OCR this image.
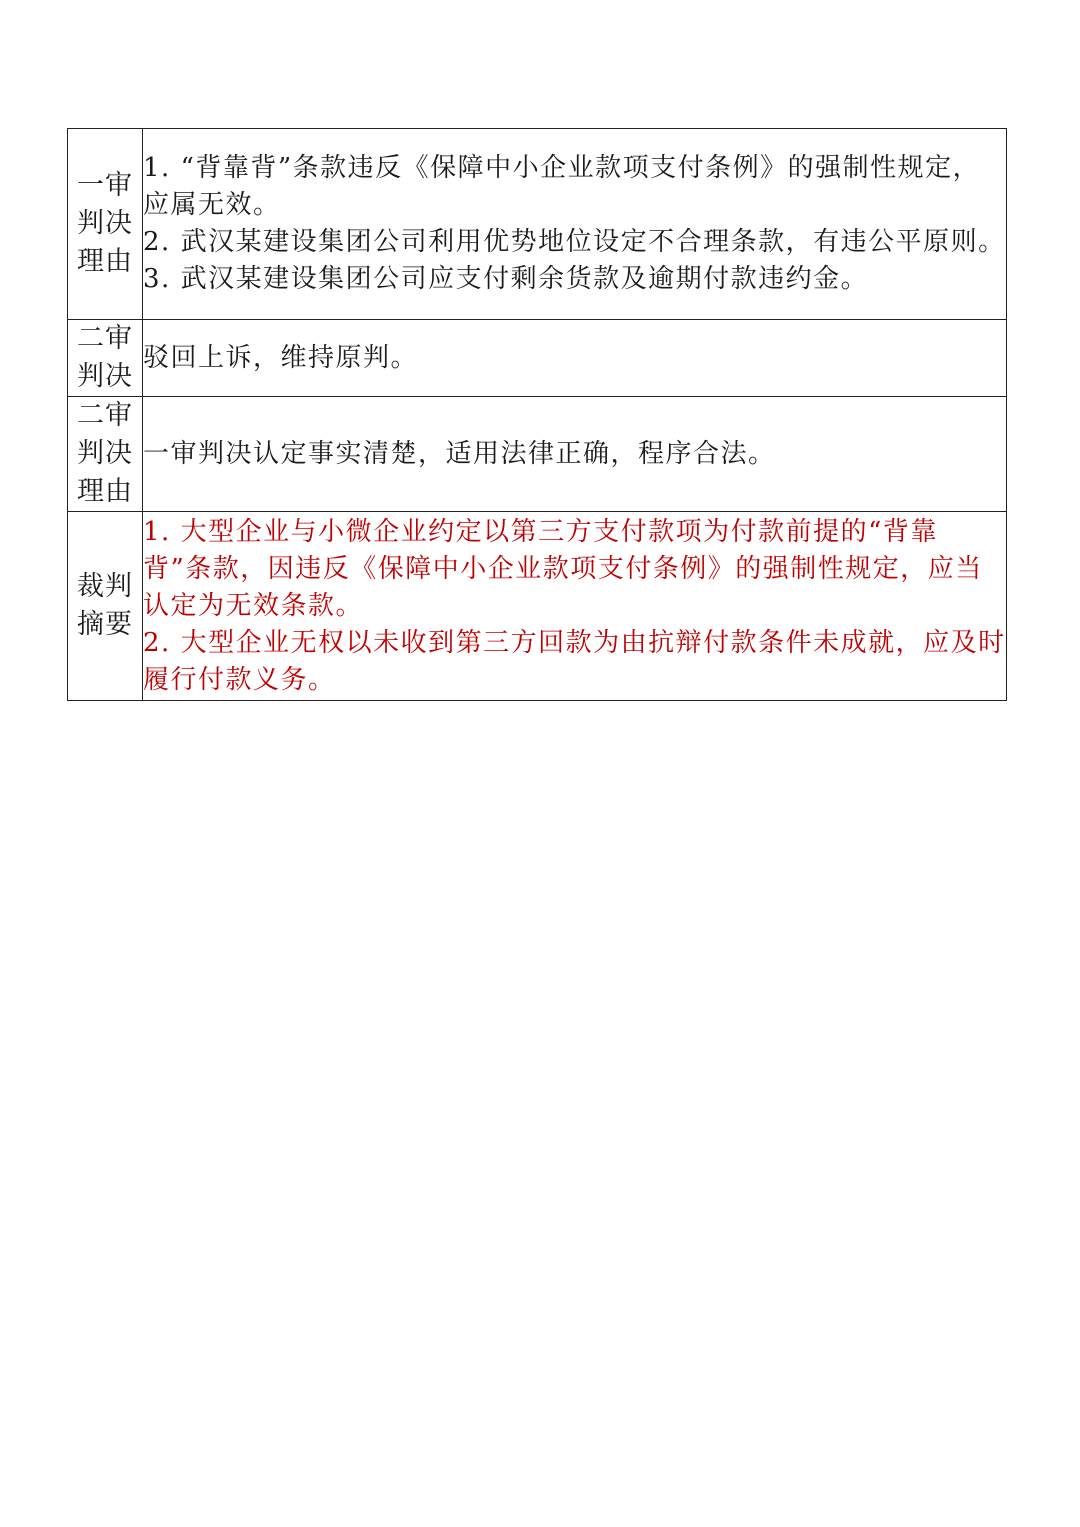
一审
判决
理由	1. “背靠背”条款违反《保障中小企业款项支付条例》的强制性规定，应属无效。
2. 武汉某建设集团公司利用优势地位设定不合理条款，有违公平原则。
3. 武汉某建设集团公司应支付剩余货款及逾期付款违约金。

二审
判决	驳回上诉，维持原判。

二审
判决
理由	一审判决认定事实清楚，适用法律正确，程序合法。

裁判
摘要	1. 大型企业与小微企业约定以第三方支付款项为付款前提的“背靠背”条款，因违反《保障中小企业款项支付条例》的强制性规定，应当认定为无效条款。
2. 大型企业无权以未收到第三方回款为由抗辩付款条件未成就，应及时履行付款义务。
